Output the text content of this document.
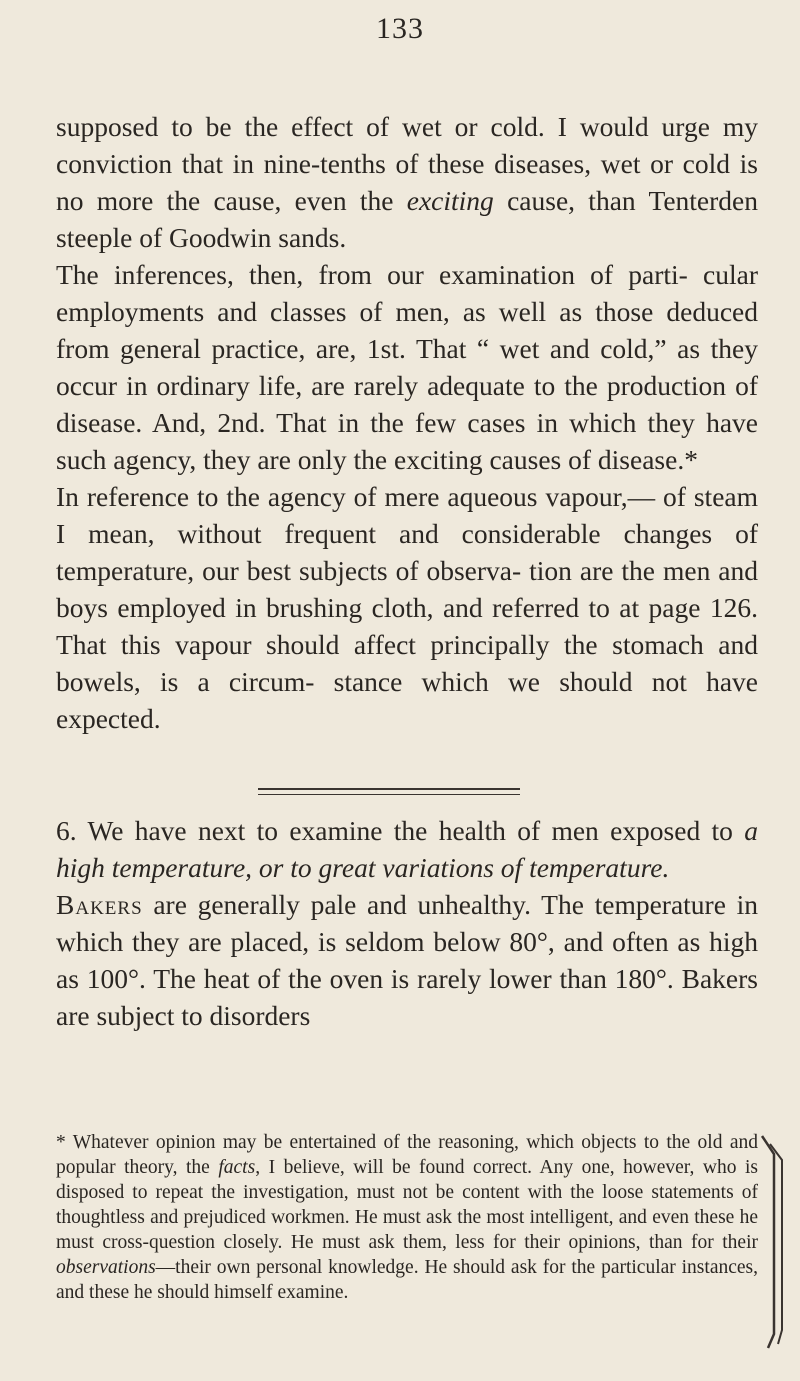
133

supposed to be the effect of wet or cold. I would urge my conviction that in nine-tenths of these diseases, wet or cold is no more the cause, even the exciting cause, than Tenterden steeple of Goodwin sands.

The inferences, then, from our examination of parti- cular employments and classes of men, as well as those deduced from general practice, are, 1st. That “ wet and cold,” as they occur in ordinary life, are rarely adequate to the production of disease. And, 2nd. That in the few cases in which they have such agency, they are only the exciting causes of disease.*

In reference to the agency of mere aqueous vapour,— of steam I mean, without frequent and considerable changes of temperature, our best subjects of observa- tion are the men and boys employed in brushing cloth, and referred to at page 126. That this vapour should affect principally the stomach and bowels, is a circum- stance which we should not have expected.

6. We have next to examine the health of men exposed to a high temperature, or to great variations of temperature.

Bakers are generally pale and unhealthy. The temperature in which they are placed, is seldom below 80°, and often as high as 100°. The heat of the oven is rarely lower than 180°. Bakers are subject to disorders

* Whatever opinion may be entertained of the reasoning, which objects to the old and popular theory, the facts, I believe, will be found correct. Any one, however, who is disposed to repeat the investigation, must not be content with the loose statements of thoughtless and prejudiced workmen. He must ask the most intelligent, and even these he must cross-question closely. He must ask them, less for their opinions, than for their observations—their own personal knowledge. He should ask for the particular instances, and these he should himself examine.
